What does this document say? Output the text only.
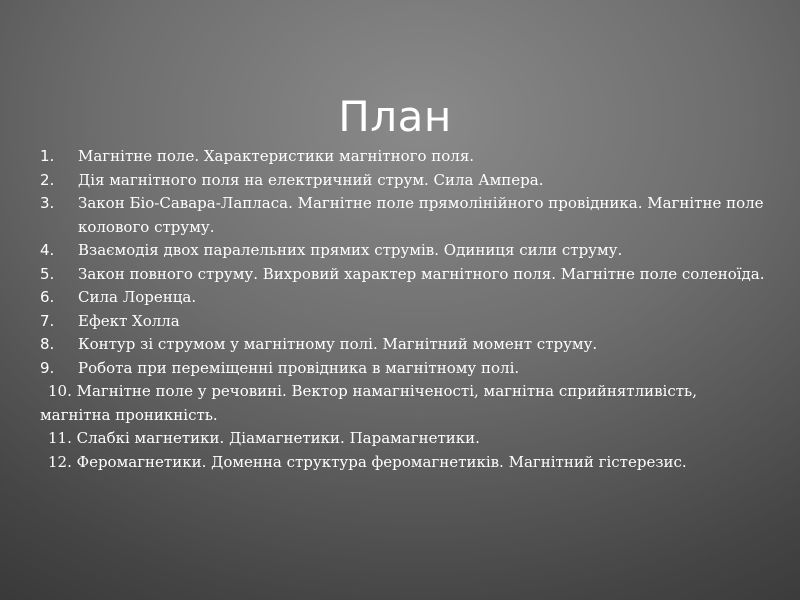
План
1.	Магнітне поле. Характеристики магнітного поля.
2.	Дія магнітного поля на електричний струм. Сила Ампера.
3.	Закон Біо-Савара-Лапласа. Магнітне поле прямолінійного провідника. Магнітне поле колового струму.
4.	Взаємодія двох паралельних прямих струмів. Одиниця сили струму.
5.	Закон повного струму. Вихровий характер магнітного поля. Магнітне поле соленоїда.
6.	Сила Лоренца.
7.	Ефект Холла
8.	Контур зі струмом у магнітному полі. Магнітний момент струму.
9.	Робота при переміщенні провідника в магнітному полі.
10. Магнітне поле у речовині. Вектор намагніченості, магнітна сприйнятливість,
магнітна проникність.
11. Слабкі магнетики. Діамагнетики. Парамагнетики.
12. Феромагнетики. Доменна структура феромагнетиків. Магнітний гістерезис.
